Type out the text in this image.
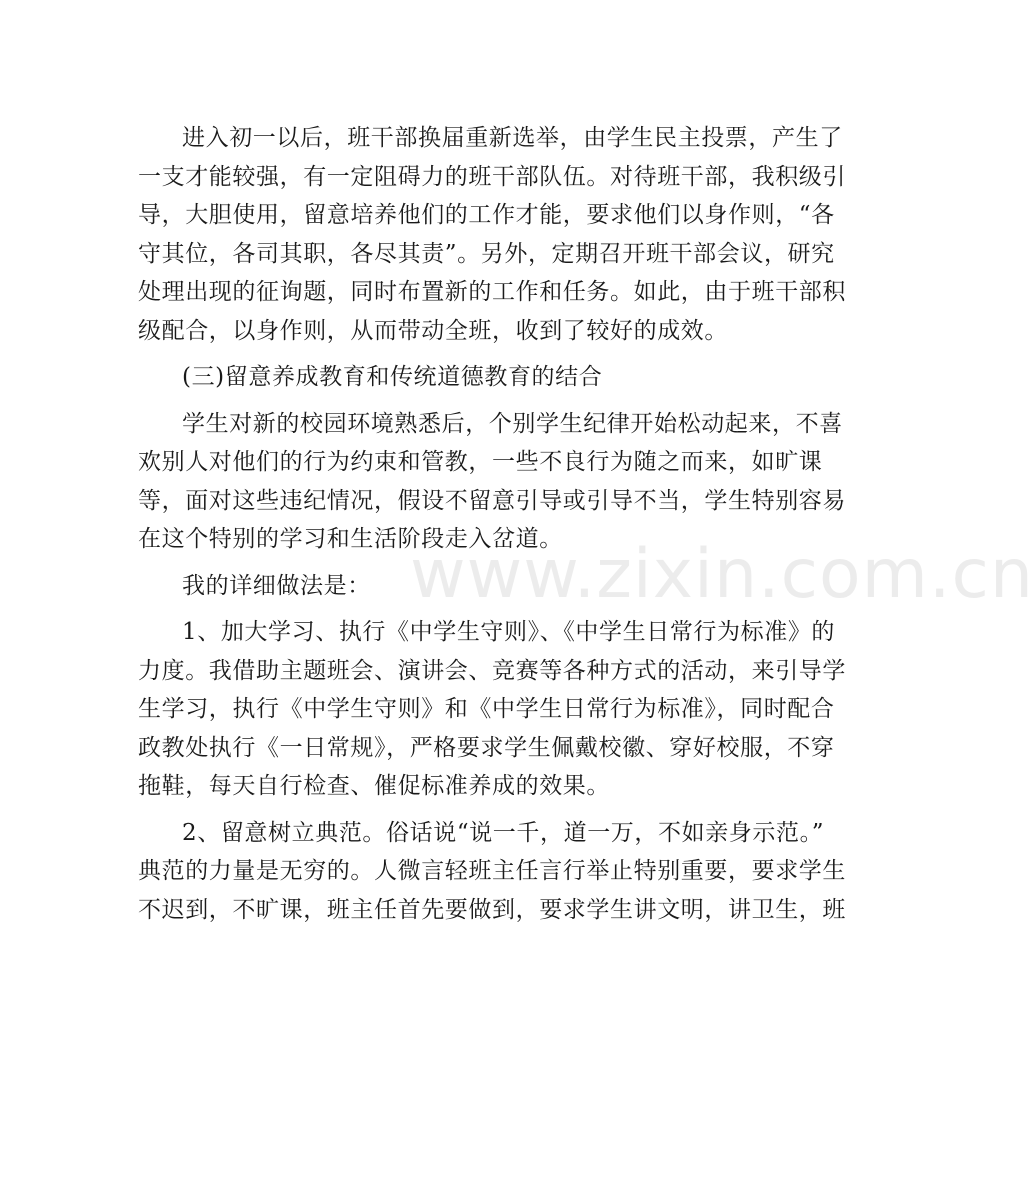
www.zixin.com.cn
进入初一以后，班干部换届重新选举，由学生民主投票，产生了
一支才能较强，有一定阻碍力的班干部队伍。对待班干部，我积级引
导，大胆使用，留意培养他们的工作才能，要求他们以身作则，“各
守其位，各司其职，各尽其责”。另外，定期召开班干部会议，研究
处理出现的征询题，同时布置新的工作和任务。如此，由于班干部积
级配合，以身作则，从而带动全班，收到了较好的成效。
(三)留意养成教育和传统道德教育的结合
学生对新的校园环境熟悉后，个别学生纪律开始松动起来，不喜
欢别人对他们的行为约束和管教，一些不良行为随之而来，如旷课
等，面对这些违纪情况，假设不留意引导或引导不当，学生特别容易
在这个特别的学习和生活阶段走入岔道。
我的详细做法是：
1、加大学习、执行《中学生守则》、《中学生日常行为标准》的
力度。我借助主题班会、演讲会、竞赛等各种方式的活动，来引导学
生学习，执行《中学生守则》和《中学生日常行为标准》，同时配合
政教处执行《一日常规》，严格要求学生佩戴校徽、穿好校服，不穿
拖鞋，每天自行检查、催促标准养成的效果。
2、留意树立典范。俗话说“说一千，道一万，不如亲身示范。”
典范的力量是无穷的。人微言轻班主任言行举止特别重要，要求学生
不迟到，不旷课，班主任首先要做到，要求学生讲文明，讲卫生，班
